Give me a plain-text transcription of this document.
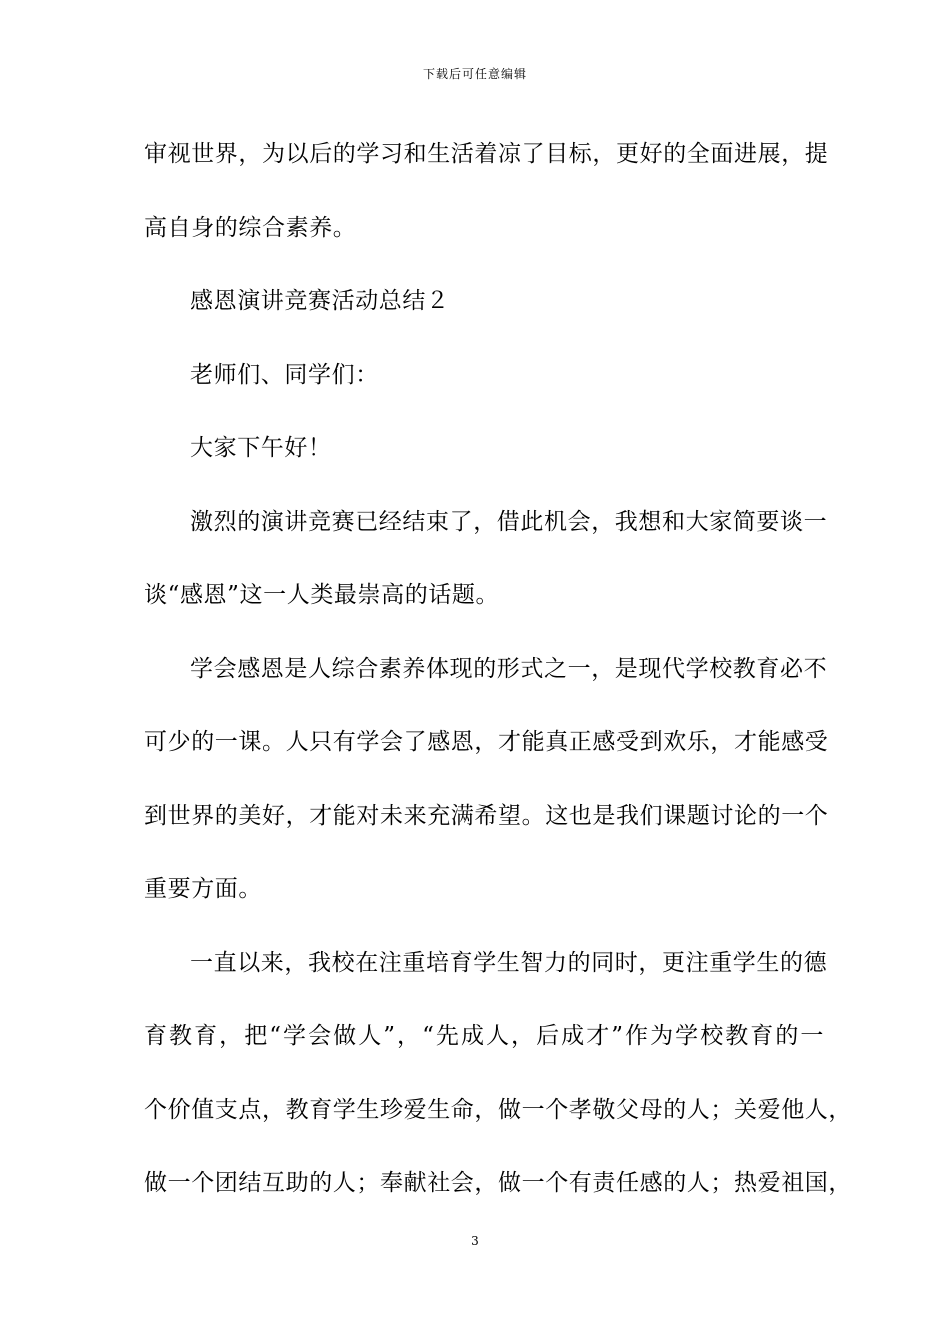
下载后可任意编辑
审视世界，为以后的学习和生活着凉了目标，更好的全面进展，提
高自身的综合素养。
感恩演讲竞赛活动总结２
老师们、同学们：
大家下午好！
激烈的演讲竞赛已经结束了，借此机会，我想和大家简要谈一
谈“感恩”这一人类最崇高的话题。
学会感恩是人综合素养体现的形式之一，是现代学校教育必不
可少的一课。人只有学会了感恩，才能真正感受到欢乐，才能感受
到世界的美好，才能对未来充满希望。这也是我们课题讨论的一个
重要方面。
一直以来，我校在注重培育学生智力的同时，更注重学生的德
育教育，把“学会做人”，“先成人，后成才”作为学校教育的一
个价值支点，教育学生珍爱生命，做一个孝敬父母的人；关爱他人，
做一个团结互助的人；奉献社会，做一个有责任感的人；热爱祖国，
3
